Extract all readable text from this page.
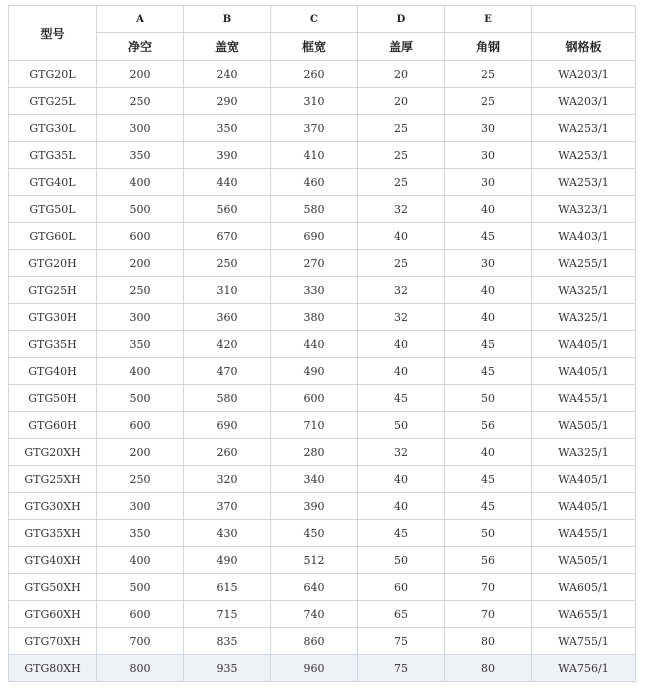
型号	A	B	C	D	E	
	净空	盖宽	框宽	盖厚	角钢	钢格板
GTG20L	200	240	260	20	25	WA203/1
GTG25L	250	290	310	20	25	WA203/1
GTG30L	300	350	370	25	30	WA253/1
GTG35L	350	390	410	25	30	WA253/1
GTG40L	400	440	460	25	30	WA253/1
GTG50L	500	560	580	32	40	WA323/1
GTG60L	600	670	690	40	45	WA403/1
GTG20H	200	250	270	25	30	WA255/1
GTG25H	250	310	330	32	40	WA325/1
GTG30H	300	360	380	32	40	WA325/1
GTG35H	350	420	440	40	45	WA405/1
GTG40H	400	470	490	40	45	WA405/1
GTG50H	500	580	600	45	50	WA455/1
GTG60H	600	690	710	50	56	WA505/1
GTG20XH	200	260	280	32	40	WA325/1
GTG25XH	250	320	340	40	45	WA405/1
GTG30XH	300	370	390	40	45	WA405/1
GTG35XH	350	430	450	45	50	WA455/1
GTG40XH	400	490	512	50	56	WA505/1
GTG50XH	500	615	640	60	70	WA605/1
GTG60XH	600	715	740	65	70	WA655/1
GTG70XH	700	835	860	75	80	WA755/1
GTG80XH	800	935	960	75	80	WA756/1
